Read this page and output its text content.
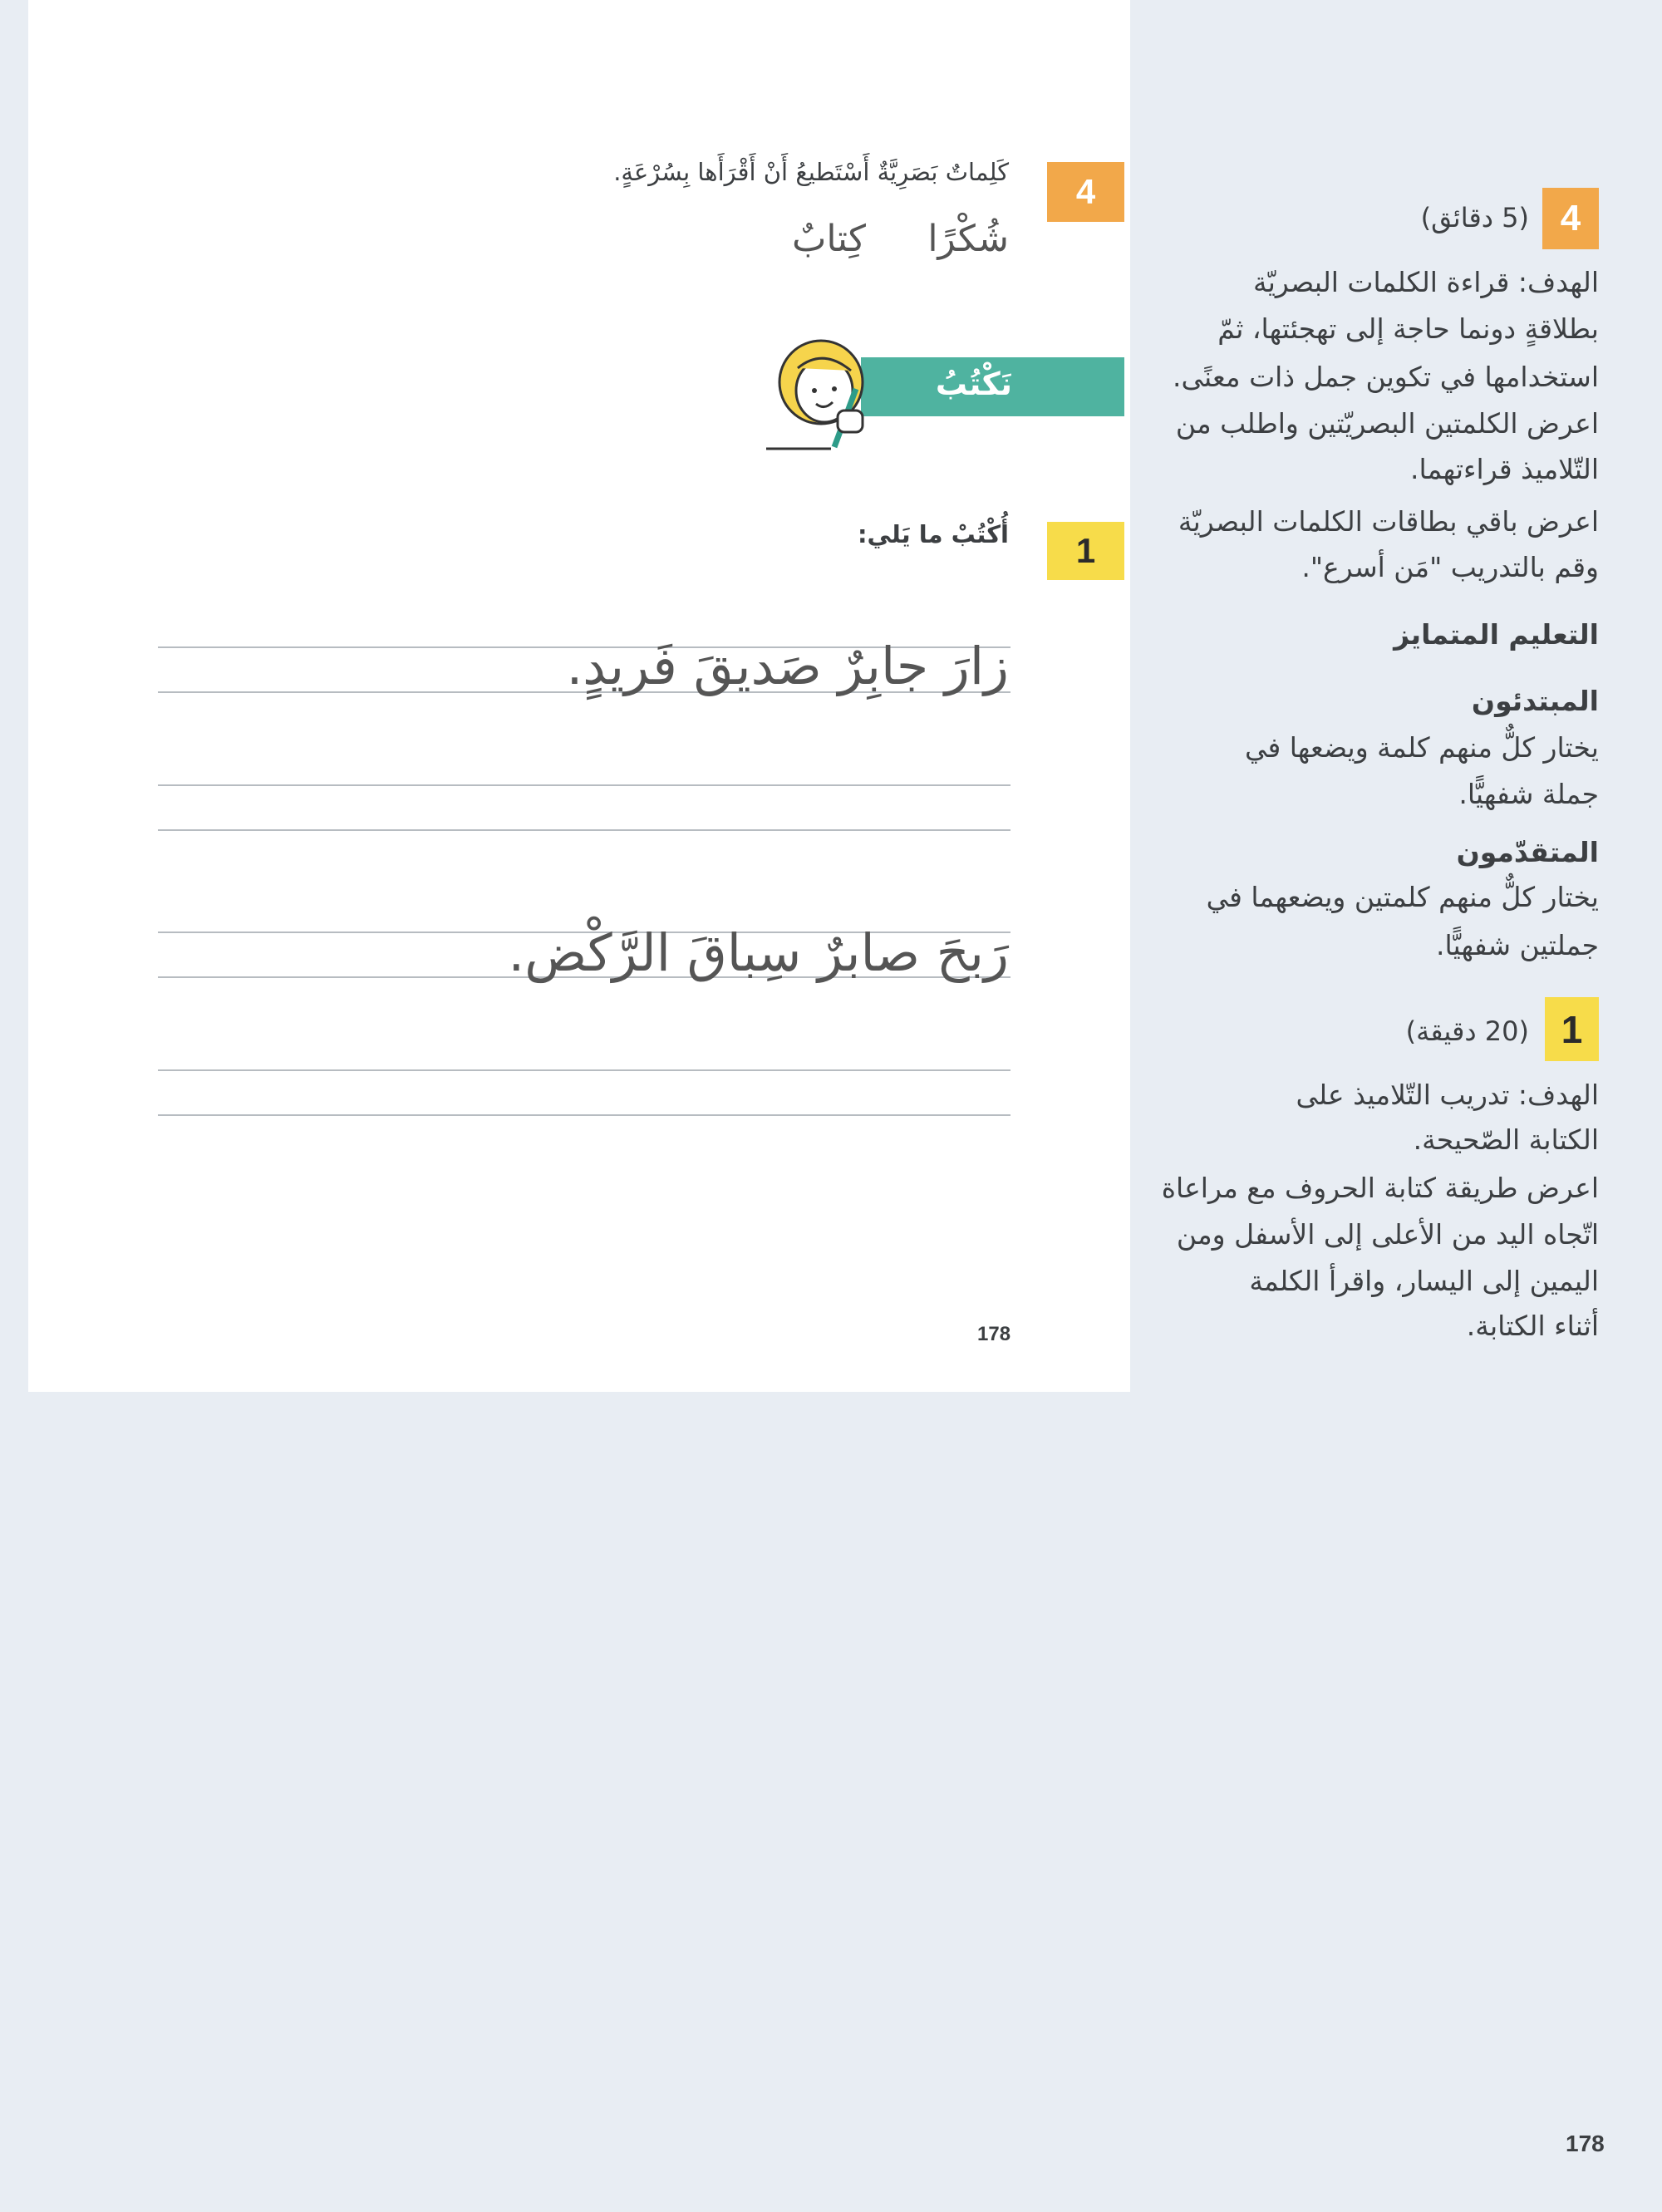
4
كَلِماتٌ بَصَرِيَّةٌ أَسْتَطيعُ أَنْ أَقْرَأَها بِسُرْعَةٍ.
شُكْرًا
كِتابٌ
نَكْتُبُ
1
أُكْتُبْ ما يَلي:
زارَ جابِرٌ صَديقَ فَريدٍ.
رَبحَ صابرٌ سِباقَ الرَّكْض.
178
4
(5 دقائق)
الهدف: قراءة الكلمات البصريّة
بطلاقةٍ دونما حاجة إلى تهجئتها، ثمّ
استخدامها في تكوين جمل ذات معنًى.
اعرض الكلمتين البصريّتين واطلب من
التّلاميذ قراءتهما.
اعرض باقي بطاقات الكلمات البصريّة
وقم بالتدريب "مَن أسرع".
التعليم المتمايز
المبتدئون
يختار كلٌّ منهم كلمة ويضعها في
جملة شفهيًّا.
المتقدّمون
يختار كلٌّ منهم كلمتين ويضعهما في
جملتين شفهيًّا.
1
(20 دقيقة)
الهدف: تدريب التّلاميذ على
الكتابة الصّحيحة.
اعرض طريقة كتابة الحروف مع مراعاة
اتّجاه اليد من الأعلى إلى الأسفل ومن
اليمين إلى اليسار، واقرأ الكلمة
أثناء الكتابة.
178
